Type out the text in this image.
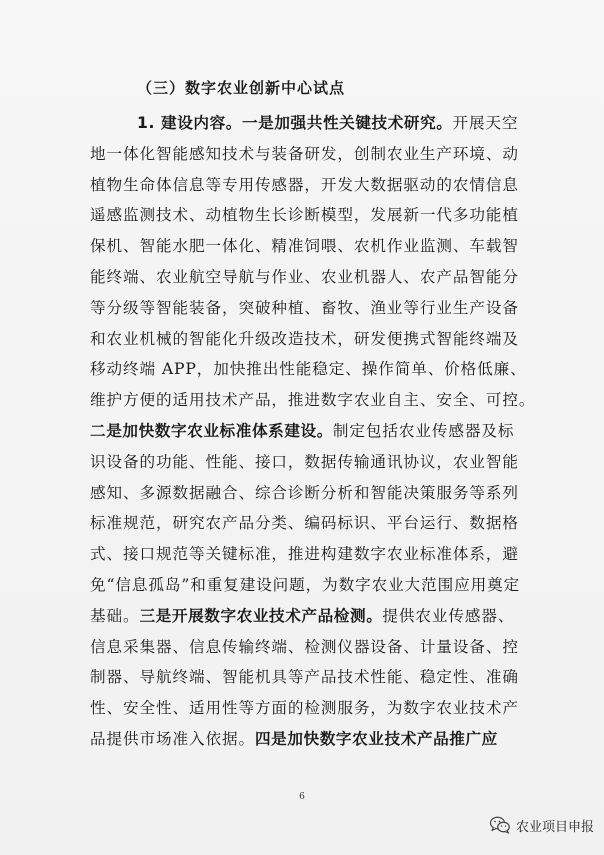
（三）数字农业创新中心试点
1. 建设内容。一是加强共性关键技术研究。开展天空
地一体化智能感知技术与装备研发，创制农业生产环境、动
植物生命体信息等专用传感器，开发大数据驱动的农情信息
遥感监测技术、动植物生长诊断模型，发展新一代多功能植
保机、智能水肥一体化、精准饲喂、农机作业监测、车载智
能终端、农业航空导航与作业、农业机器人、农产品智能分
等分级等智能装备，突破种植、畜牧、渔业等行业生产设备
和农业机械的智能化升级改造技术，研发便携式智能终端及
移动终端 APP，加快推出性能稳定、操作简单、价格低廉、
维护方便的适用技术产品，推进数字农业自主、安全、可控。
二是加快数字农业标准体系建设。制定包括农业传感器及标
识设备的功能、性能、接口，数据传输通讯协议，农业智能
感知、多源数据融合、综合诊断分析和智能决策服务等系列
标准规范，研究农产品分类、编码标识、平台运行、数据格
式、接口规范等关键标准，推进构建数字农业标准体系，避
免“信息孤岛”和重复建设问题，为数字农业大范围应用奠定
基础。三是开展数字农业技术产品检测。提供农业传感器、
信息采集器、信息传输终端、检测仪器设备、计量设备、控
制器、导航终端、智能机具等产品技术性能、稳定性、准确
性、安全性、适用性等方面的检测服务，为数字农业技术产
品提供市场准入依据。四是加快数字农业技术产品推广应
6
农业项目申报
